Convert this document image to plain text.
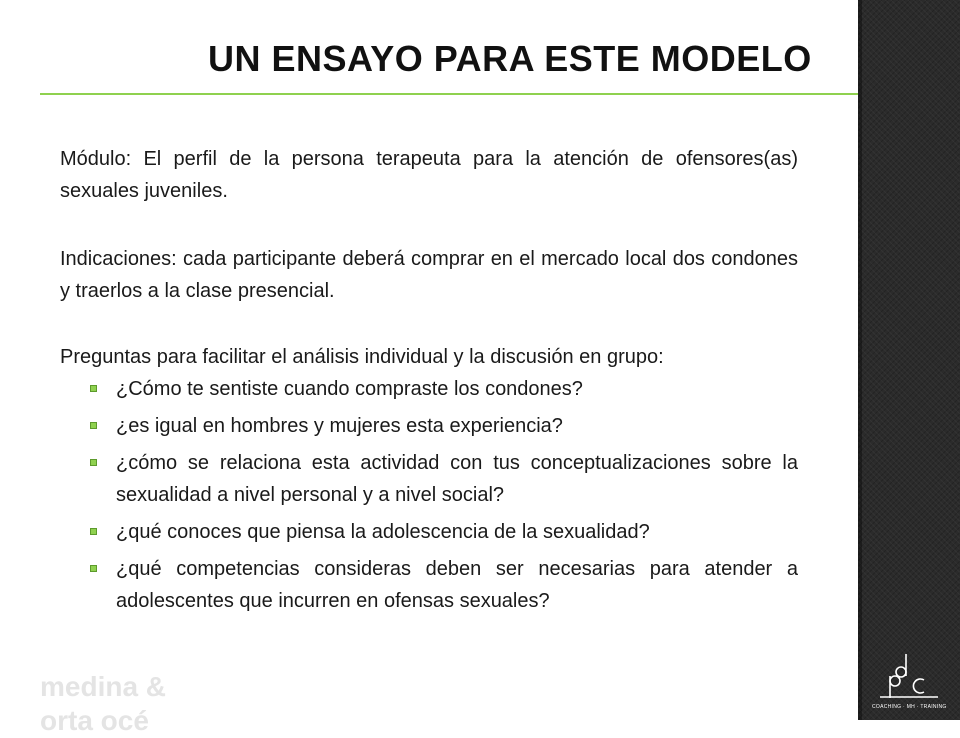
UN ENSAYO PARA ESTE MODELO

Módulo: El perfil de la persona terapeuta para la atención de ofensores(as) sexuales juveniles.

Indicaciones: cada participante deberá comprar en el mercado local dos condones y traerlos a la clase presencial.

Preguntas para facilitar el análisis individual y la discusión en grupo:

¿Cómo te sentiste cuando compraste los condones?
¿es igual en hombres y mujeres esta experiencia?
¿cómo se relaciona esta actividad con tus conceptualizaciones sobre la sexualidad a nivel personal y a nivel social?
¿qué conoces que piensa la adolescencia de la sexualidad?
¿qué competencias consideras deben ser necesarias para atender a adolescentes que incurren en ofensas sexuales?
medina &
orta océ	COACHING · MH · TRAINING
